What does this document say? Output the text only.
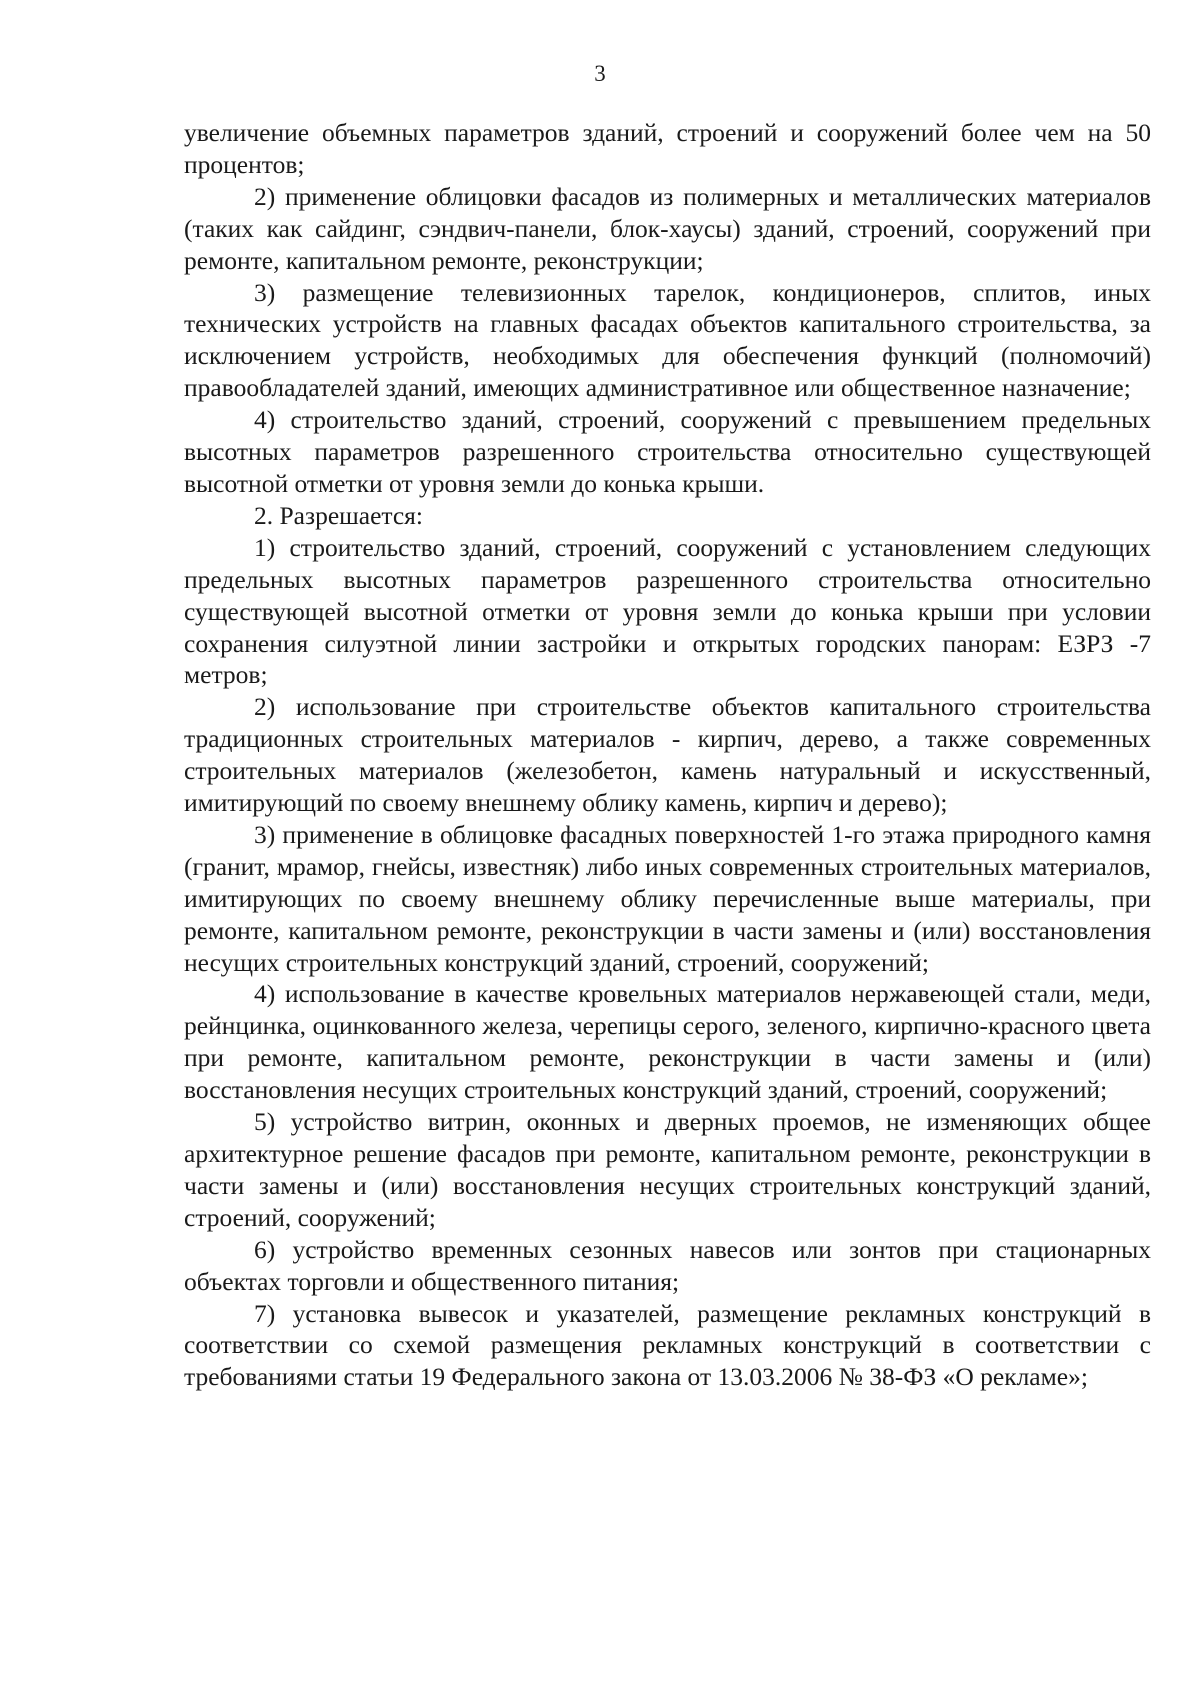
3

увеличение объемных параметров зданий, строений и сооружений более чем на 50 процентов;

2) применение облицовки фасадов из полимерных и металлических материалов (таких как сайдинг, сэндвич-панели, блок-хаусы) зданий, строений, сооружений при ремонте, капитальном ремонте, реконструкции;

3) размещение телевизионных тарелок, кондиционеров, сплитов, иных технических устройств на главных фасадах объектов капитального строительства, за исключением устройств, необходимых для обеспечения функций (полномочий) правообладателей зданий, имеющих административное или общественное назначение;

4) строительство зданий, строений, сооружений с превышением предельных высотных параметров разрешенного строительства относительно существующей высотной отметки от уровня земли до конька крыши.

2. Разрешается:

1) строительство зданий, строений, сооружений с установлением следующих предельных высотных параметров разрешенного строительства относительно существующей высотной отметки от уровня земли до конька крыши при условии сохранения силуэтной линии застройки и открытых городских панорам: ЕЗРЗ -7 метров;

2) использование при строительстве объектов капитального строительства традиционных строительных материалов - кирпич, дерево, а также современных строительных материалов (железобетон, камень натуральный и искусственный, имитирующий по своему внешнему облику камень, кирпич и дерево);

3) применение в облицовке фасадных поверхностей 1-го этажа природного камня (гранит, мрамор, гнейсы, известняк) либо иных современных строительных материалов, имитирующих по своему внешнему облику перечисленные выше материалы, при ремонте, капитальном ремонте, реконструкции в части замены и (или) восстановления несущих строительных конструкций зданий, строений, сооружений;

4) использование в качестве кровельных материалов нержавеющей стали, меди, рейнцинка, оцинкованного железа, черепицы серого, зеленого, кирпично-красного цвета при ремонте, капитальном ремонте, реконструкции в части замены и (или) восстановления несущих строительных конструкций зданий, строений, сооружений;

5) устройство витрин, оконных и дверных проемов, не изменяющих общее архитектурное решение фасадов при ремонте, капитальном ремонте, реконструкции в части замены и (или) восстановления несущих строительных конструкций зданий, строений, сооружений;

6) устройство временных сезонных навесов или зонтов при стационарных объектах торговли и общественного питания;

7) установка вывесок и указателей, размещение рекламных конструкций в соответствии со схемой размещения рекламных конструкций в соответствии с требованиями статьи 19 Федерального закона от 13.03.2006 № 38-ФЗ «О рекламе»;
